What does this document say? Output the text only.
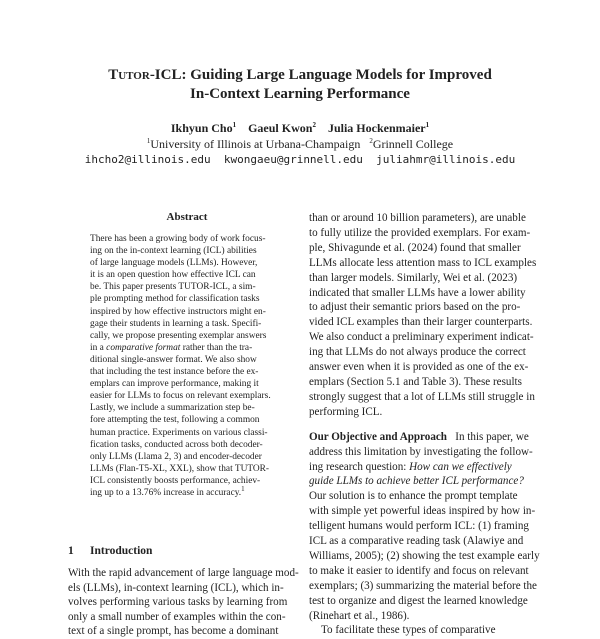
Tutor-ICL: Guiding Large Language Models for Improved
In-Context Learning Performance
Ikhyun Cho$^1$ Gaeul Kwon$^2$ Julia Hockenmaier$^1$
$^1$University of Illinois at Urbana-Champaign $^2$Grinnell College
ihcho2@illinois.edu kwongaeu@grinnell.edu juliahmr@illinois.edu
Abstract
There has been a growing body of work focus-
ing on the in-context learning (ICL) abilities
of large language models (LLMs). However,
it is an open question how effective ICL can
be. This paper presents TUTOR-ICL, a sim-
ple prompting method for classification tasks
inspired by how effective instructors might en-
gage their students in learning a task. Specifi-
cally, we propose presenting exemplar answers
in a comparative format rather than the tra-
ditional single-answer format. We also show
that including the test instance before the ex-
emplars can improve performance, making it
easier for LLMs to focus on relevant exemplars.
Lastly, we include a summarization step be-
fore attempting the test, following a common
human practice. Experiments on various classi-
fication tasks, conducted across both decoder-
only LLMs (Llama 2, 3) and encoder-decoder
LLMs (Flan-T5-XL, XXL), show that TUTOR-
ICL consistently boosts performance, achiev-
ing up to a 13.76% increase in accuracy.$^1$
1 Introduction
With the rapid advancement of large language mod-
els (LLMs), in-context learning (ICL), which in-
volves performing various tasks by learning from
only a small number of examples within the con-
text of a single prompt, has become a dominant
than or around 10 billion parameters), are unable
to fully utilize the provided exemplars. For exam-
ple, Shivagunde et al. (2024) found that smaller
LLMs allocate less attention mass to ICL examples
than larger models. Similarly, Wei et al. (2023)
indicated that smaller LLMs have a lower ability
to adjust their semantic priors based on the pro-
vided ICL examples than their larger counterparts.
We also conduct a preliminary experiment indicat-
ing that LLMs do not always produce the correct
answer even when it is provided as one of the ex-
emplars (Section 5.1 and Table 3). These results
strongly suggest that a lot of LLMs still struggle in
performing ICL.
Our Objective and Approach In this paper, we
address this limitation by investigating the follow-
ing research question: How can we effectively
guide LLMs to achieve better ICL performance?
Our solution is to enhance the prompt template
with simple yet powerful ideas inspired by how in-
telligent humans would perform ICL: (1) framing
ICL as a comparative reading task (Alawiye and
Williams, 2005); (2) showing the test example early
to make it easier to identify and focus on relevant
exemplars; (3) summarizing the material before the
test to organize and digest the learned knowledge
(Rinehart et al., 1986).
To facilitate these types of comparative
